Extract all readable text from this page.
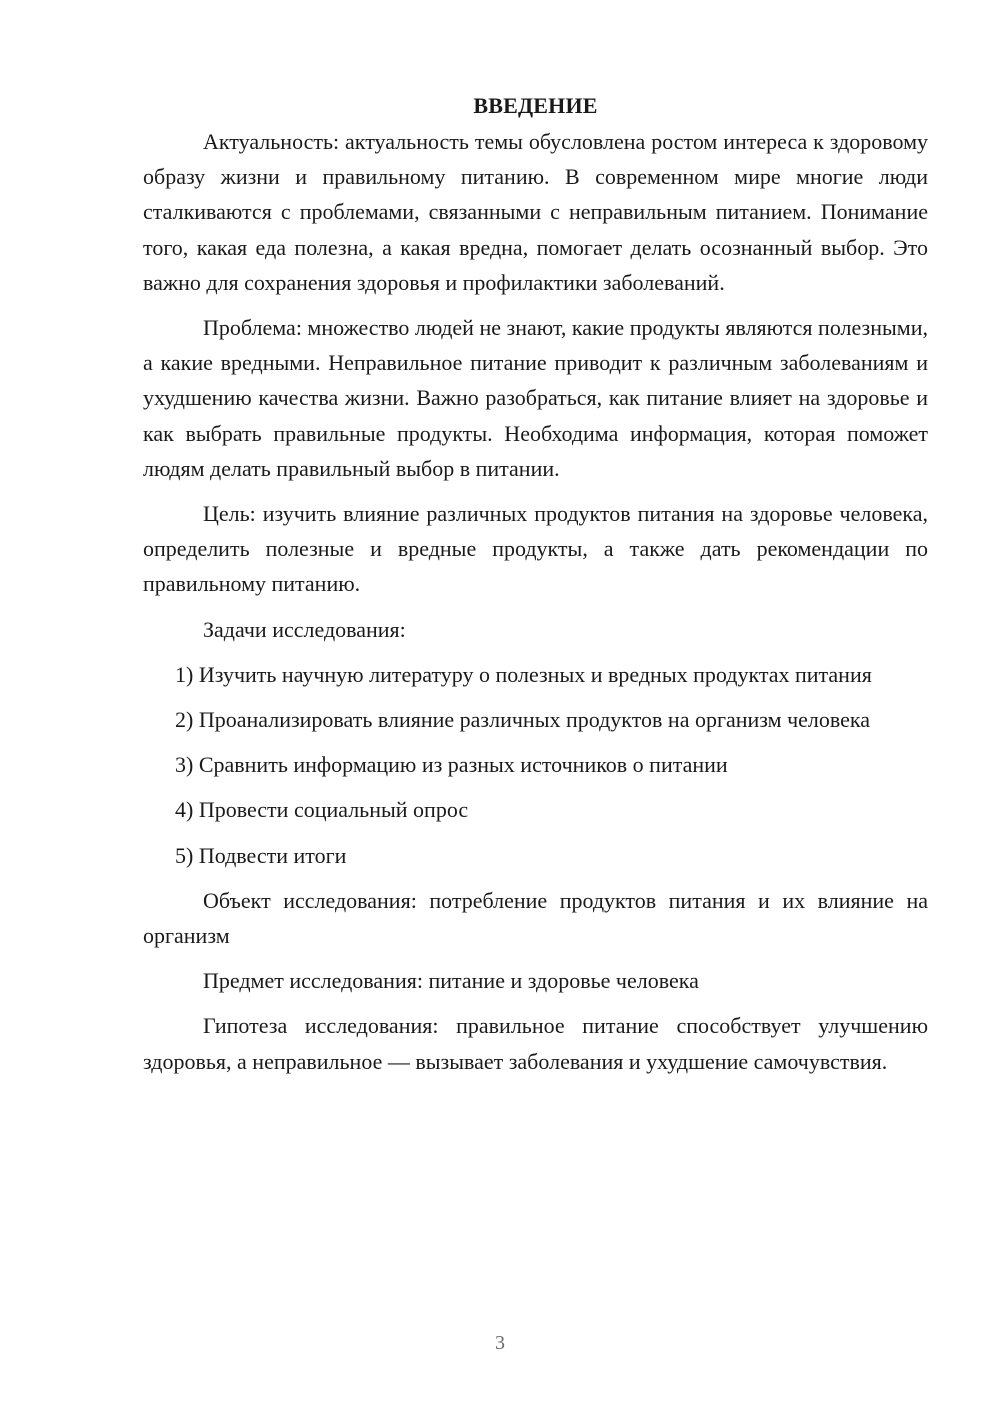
ВВЕДЕНИЕ
Актуальность: актуальность темы обусловлена ростом интереса к здоровому образу жизни и правильному питанию. В современном мире многие люди сталкиваются с проблемами, связанными с неправильным питанием. Понимание того, какая еда полезна, а какая вредна, помогает делать осознанный выбор. Это важно для сохранения здоровья и профилактики заболеваний.
Проблема: множество людей не знают, какие продукты являются полезными, а какие вредными. Неправильное питание приводит к различным заболеваниям и ухудшению качества жизни. Важно разобраться, как питание влияет на здоровье и как выбрать правильные продукты. Необходима информация, которая поможет людям делать правильный выбор в питании.
Цель: изучить влияние различных продуктов питания на здоровье человека, определить полезные и вредные продукты, а также дать рекомендации по правильному питанию.
Задачи исследования:
1) Изучить научную литературу о полезных и вредных продуктах питания
2) Проанализировать влияние различных продуктов на организм человека
3) Сравнить информацию из разных источников о питании
4) Провести социальный опрос
5) Подвести итоги
Объект исследования: потребление продуктов питания и их влияние на организм
Предмет исследования: питание и здоровье человека
Гипотеза исследования: правильное питание способствует улучшению здоровья, а неправильное — вызывает заболевания и ухудшение самочувствия.
3
